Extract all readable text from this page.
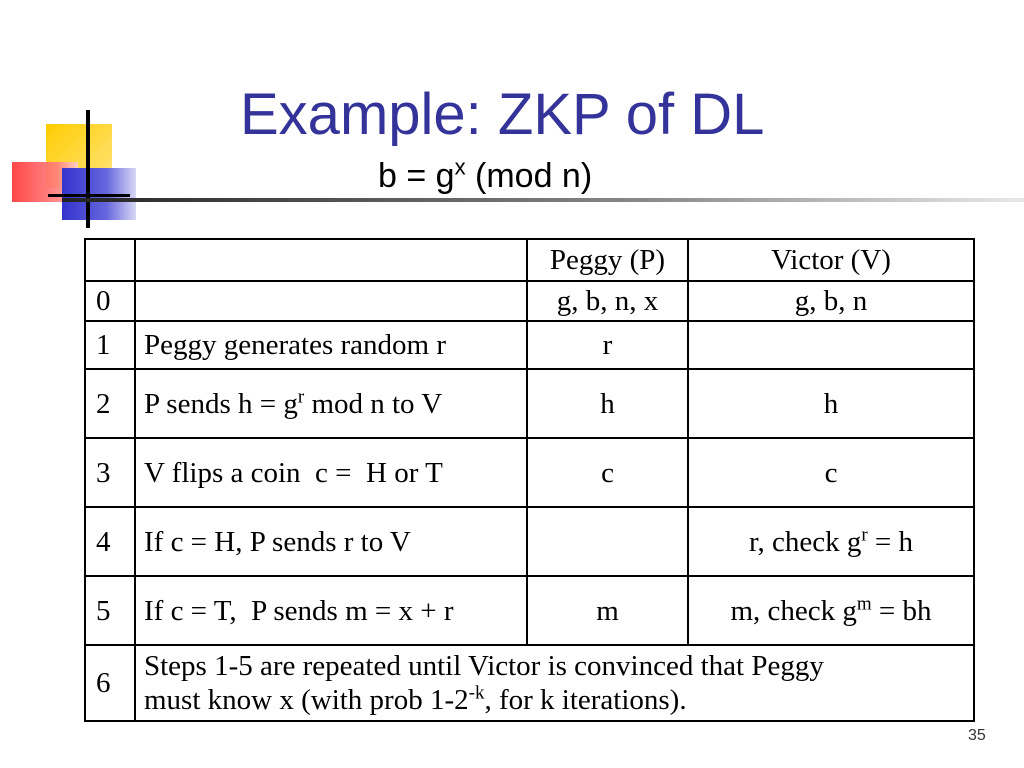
Example: ZKP of DL
$b = g^x$ (mod n)
		Peggy (P)	Victor (V)
0		g, b, n, x	g, b, n
1	Peggy generates random r	r	
2	P sends $h = g^r$ mod n to V	h	h
3	V flips a coin  c =  H or T	c	c
4	If c = H, P sends r to V		r, check $g^r = h$
5	If c = T,  P sends m = x + r	m	m, check $g^m$ = bh
6	Steps 1-5 are repeated until Victor is convinced that Peggy
must know x (with prob $1-2^{-k}$, for k iterations).		
35
